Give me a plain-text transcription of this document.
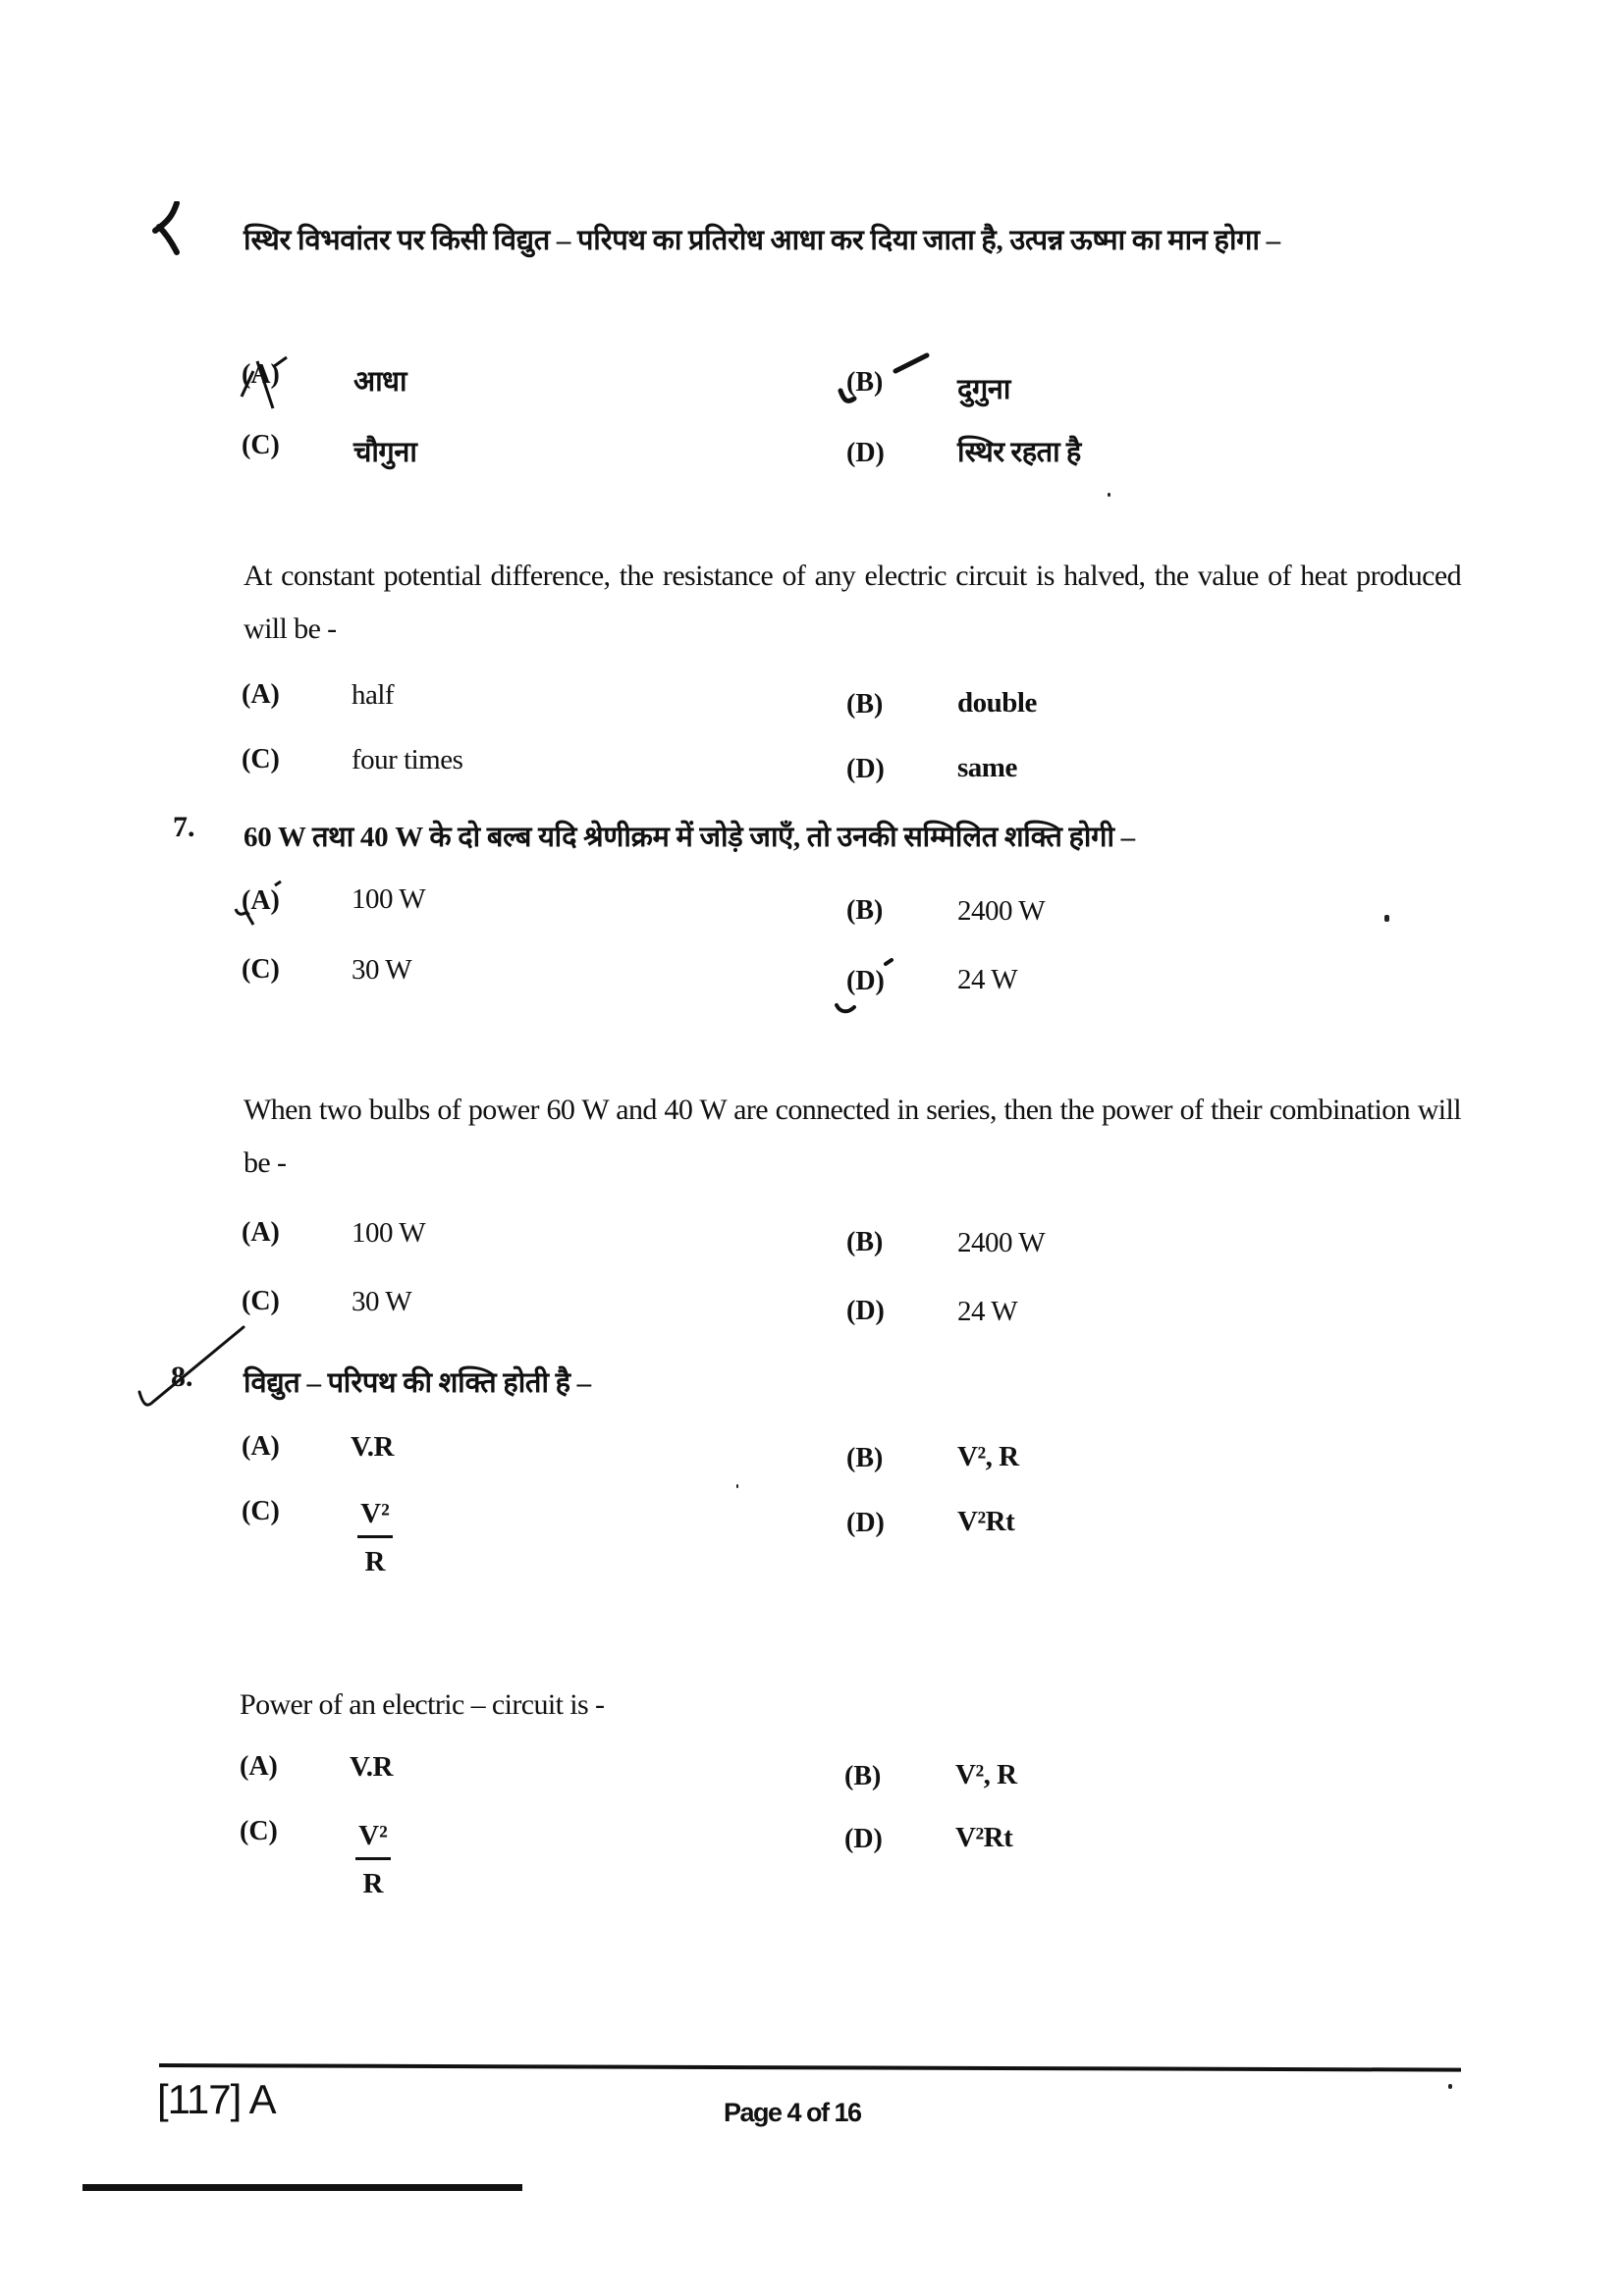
स्थिर विभवांतर पर किसी विद्युत – परिपथ का प्रतिरोध आधा कर दिया जाता है, उत्पन्न ऊष्मा का मान होगा –
(A)	आधा	(B)	दुगुना
(C)	चौगुना	(D)	स्थिर रहता है
At constant potential difference, the resistance of any electric circuit is halved, the value of heat produced will be -
(A)	half	(B)	double
(C)	four times	(D)	same
7. 60 W तथा 40 W के दो बल्ब यदि श्रेणीक्रम में जोड़े जाएँ, तो उनकी सम्मिलित शक्ति होगी –
(A)	100 W	(B)	2400 W
(C)	30 W	(D)	24 W
When two bulbs of power 60 W and 40 W are connected in series, then the power of their combination will be -
(A)	100 W	(B)	2400 W
(C)	30 W	(D)	24 W
8. विद्युत – परिपथ की शक्ति होती है –
(A) V.R	(B)	V², R
(C)	V²
R
(D)	V²Rt
Power of an electric – circuit is -
(A)	V.R	(B)	V², R
(C)	V²
R
(D)	V²Rt
[117] A	Page 4 of 16
